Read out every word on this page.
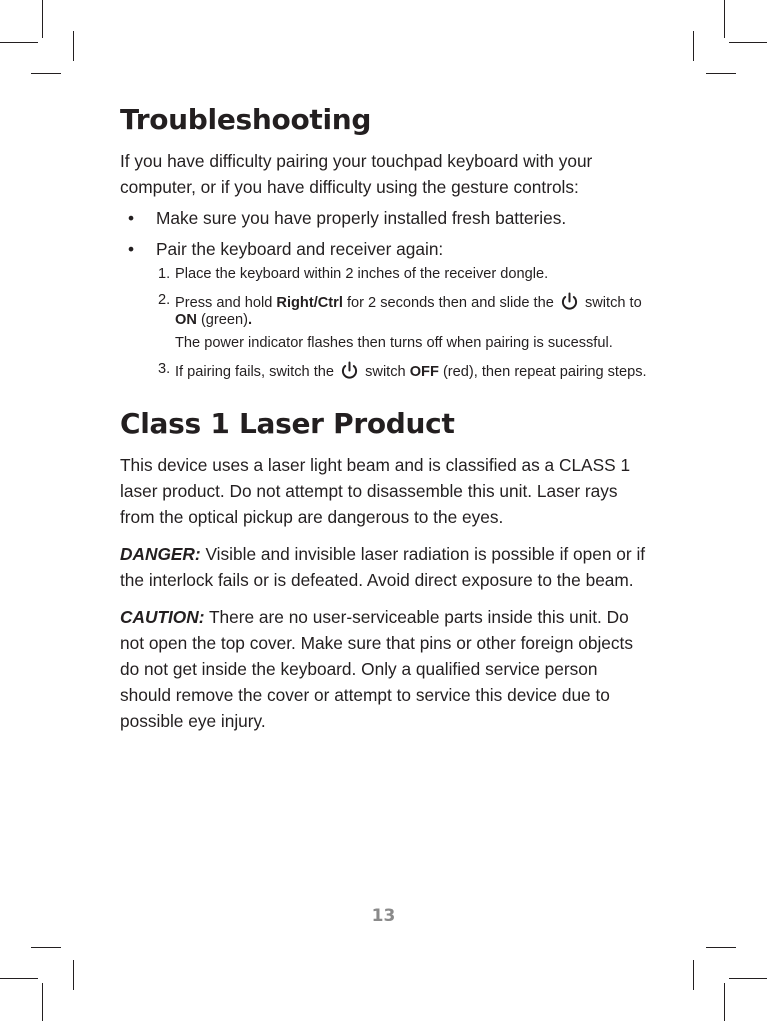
Troubleshooting

If you have difficulty pairing your touchpad keyboard with your computer, or if you have difficulty using the gesture controls:

• Make sure you have properly installed fresh batteries.
• Pair the keyboard and receiver again:
1. Place the keyboard within 2 inches of the receiver dongle.
2. Press and hold Right/Ctrl for 2 seconds then and slide the
switch to ON (green).
The power indicator flashes then turns off when pairing is sucessful.
3. If pairing fails, switch the
switch OFF (red), then repeat pairing steps.
Class 1 Laser Product

This device uses a laser light beam and is classified as a CLASS 1 laser product. Do not attempt to disassemble this unit. Laser rays from the optical pickup are dangerous to the eyes.

DANGER: Visible and invisible laser radiation is possible if open or if the interlock fails or is defeated. Avoid direct exposure to the beam.

CAUTION: There are no user-serviceable parts inside this unit. Do not open the top cover. Make sure that pins or other foreign objects do not get inside the keyboard. Only a qualified service person should remove the cover or attempt to service this device due to possible eye injury.

13
